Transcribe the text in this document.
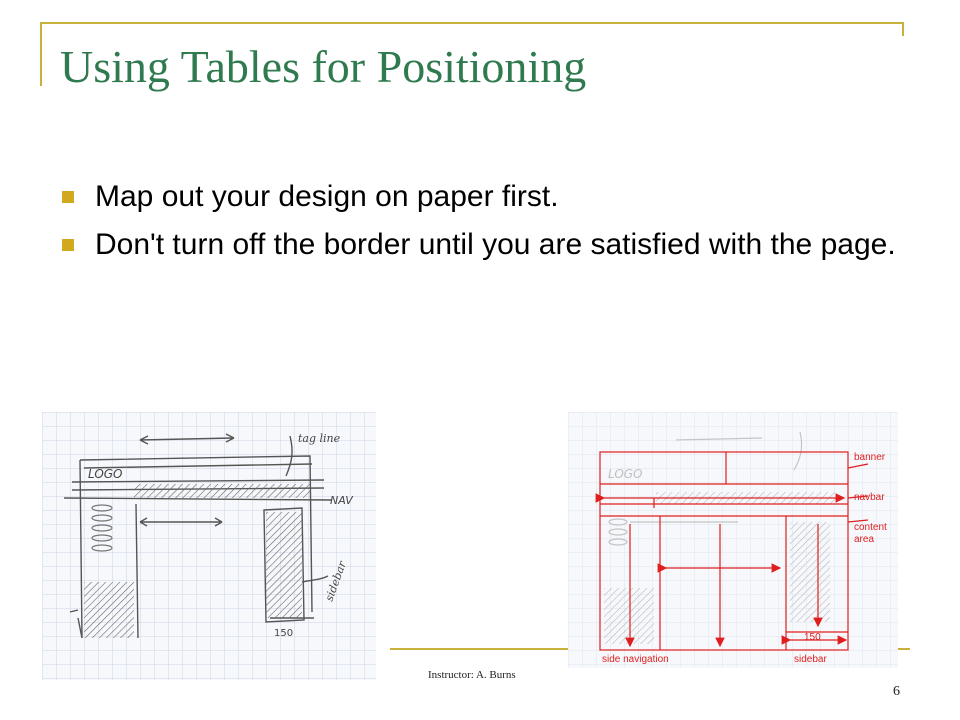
Using Tables for Positioning
Map out your design on paper first.
Don't turn off the border until you are satisfied with the page.
LOGO
tag line
NAV
sidebar
150
LOGO
banner
navbar
content
area
150
side navigation	sidebar
Instructor: A. Burns
6
